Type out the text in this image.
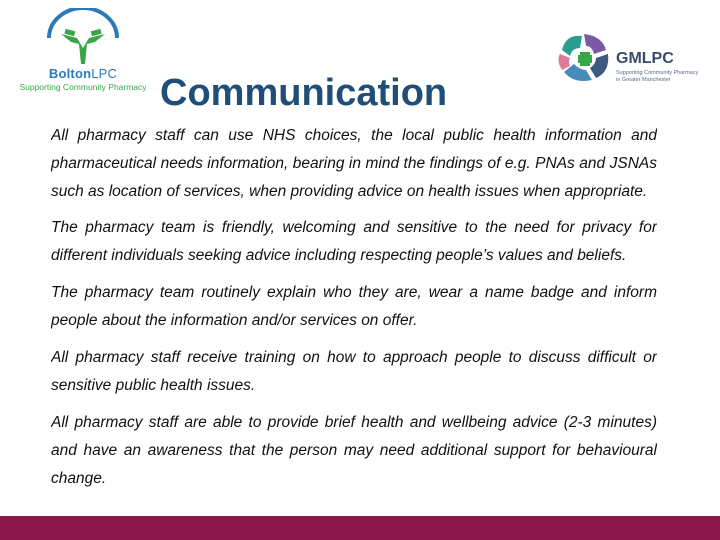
BoltonLPC
Supporting Community Pharmacy
GMLPC
Supporting Community Pharmacy
in Greater Manchester
Communication

All pharmacy staff can use NHS choices, the local public health information and pharmaceutical needs information, bearing in mind the findings of e.g. PNAs and JSNAs such as location of services, when providing advice on health issues when appropriate.

The pharmacy team is friendly, welcoming and sensitive to the need for privacy for different individuals seeking advice including respecting people’s values and beliefs.

The pharmacy team routinely explain who they are, wear a name badge and inform people about the information and/or services on offer.

All pharmacy staff receive training on how to approach people to discuss difficult or sensitive public health issues.

All pharmacy staff are able to provide brief health and wellbeing advice (2-3 minutes) and have an awareness that the person may need additional support for behavioural change.
